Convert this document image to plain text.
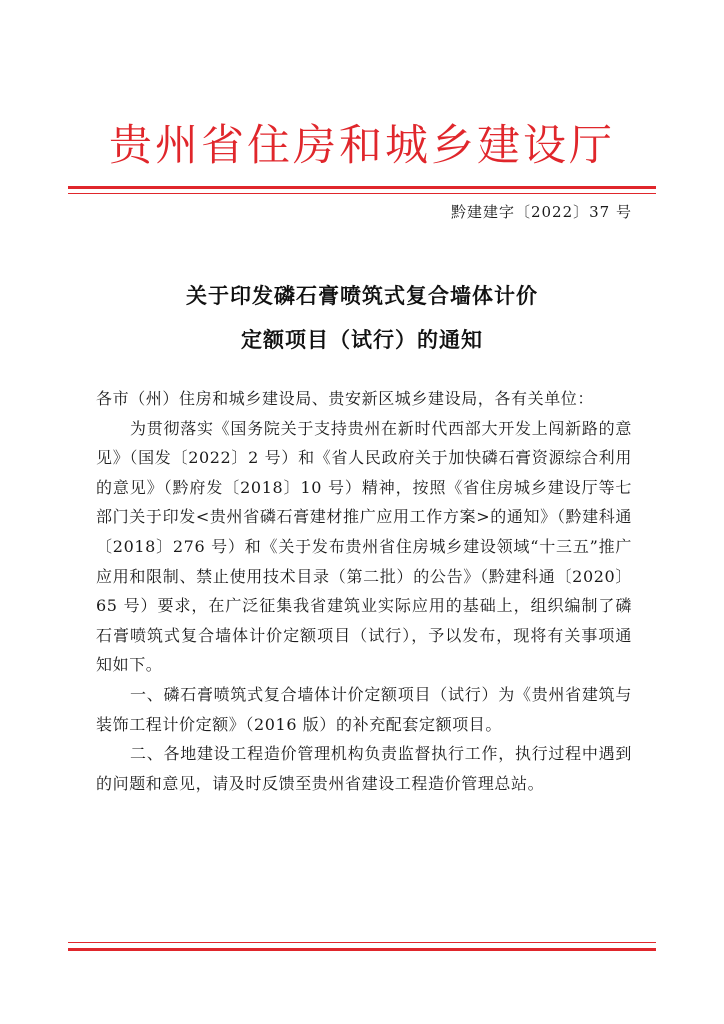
贵州省住房和城乡建设厅
黔建建字〔2022〕37 号
关于印发磷石膏喷筑式复合墙体计价
定额项目（试行）的通知

各市（州）住房和城乡建设局、贵安新区城乡建设局，各有关单位：

为贯彻落实《国务院关于支持贵州在新时代西部大开发上闯新路的意见》（国发〔2022〕2 号）和《省人民政府关于加快磷石膏资源综合利用的意见》（黔府发〔2018〕10 号）精神，按照《省住房城乡建设厅等七部门关于印发<贵州省磷石膏建材推广应用工作方案>的通知》（黔建科通〔2018〕276 号）和《关于发布贵州省住房城乡建设领域“十三五”推广应用和限制、禁止使用技术目录（第二批）的公告》（黔建科通〔2020〕65 号）要求，在广泛征集我省建筑业实际应用的基础上，组织编制了磷石膏喷筑式复合墙体计价定额项目（试行），予以发布，现将有关事项通知如下。

一、磷石膏喷筑式复合墙体计价定额项目（试行）为《贵州省建筑与装饰工程计价定额》（2016 版）的补充配套定额项目。

二、各地建设工程造价管理机构负责监督执行工作，执行过程中遇到的问题和意见，请及时反馈至贵州省建设工程造价管理总站。
